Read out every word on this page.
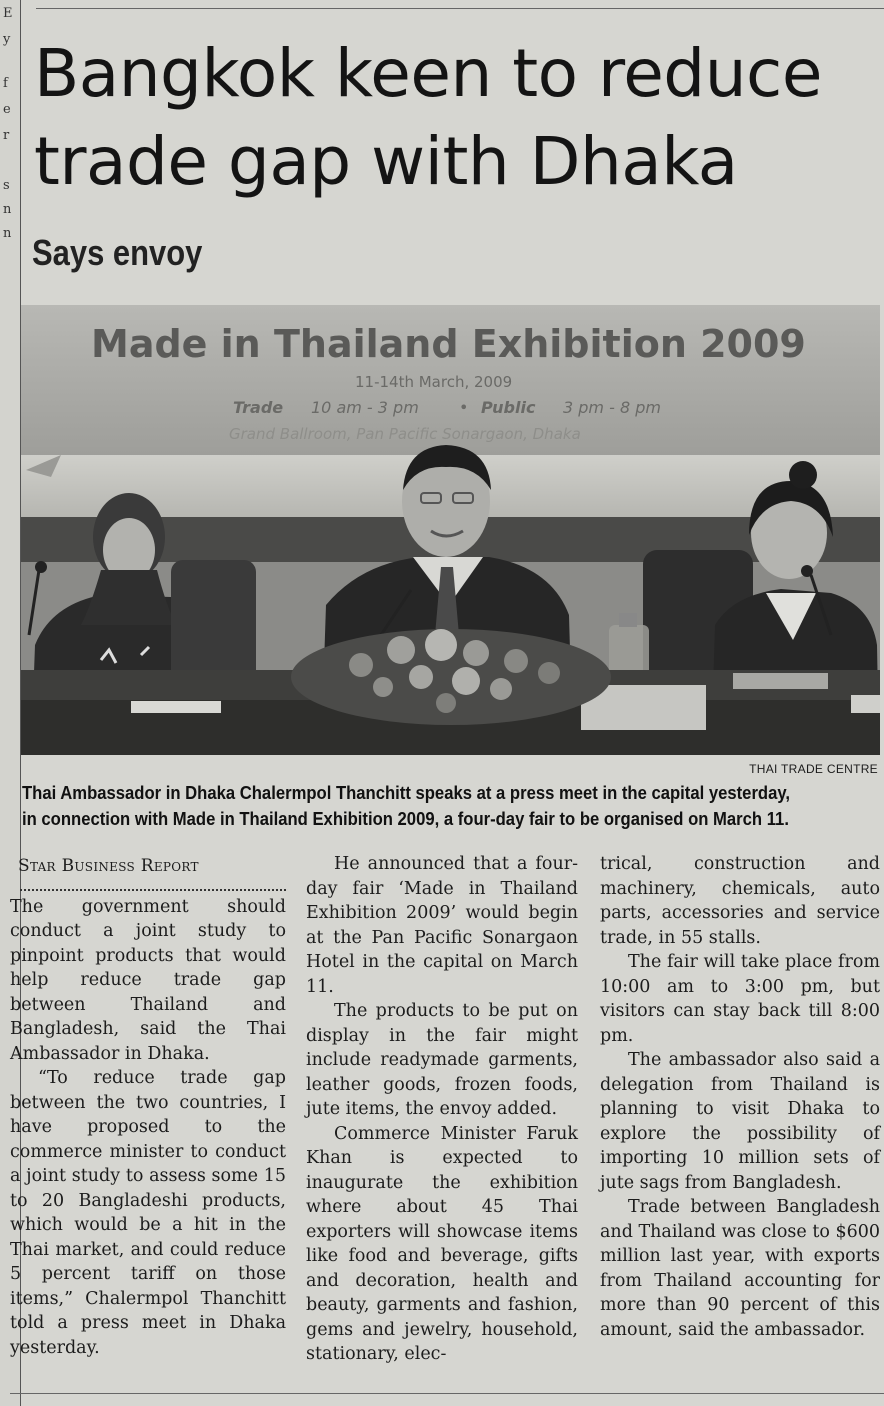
E
y
f
e
r
s
n
n
Bangkok keen to reduce
trade gap with Dhaka
Says envoy
Made in Thailand Exhibition 2009
11-14th March, 2009
Trade 10 am - 3 pm	• Public 3 pm - 8 pm
Grand Ballroom, Pan Pacific Sonargaon, Dhaka
THAI TRADE CENTRE

Thai Ambassador in Dhaka Chalermpol Thanchitt speaks at a press meet in the capital yesterday,
in connection with Made in Thailand Exhibition 2009, a four-day fair to be organised on March 11.

Star Business Report

The government should conduct a joint study to pinpoint products that would help reduce trade gap between Thailand and Bangladesh, said the Thai Ambassador in Dhaka.

“To reduce trade gap between the two countries, I have proposed to the commerce minister to conduct a joint study to assess some 15 to 20 Bangladeshi products, which would be a hit in the Thai market, and could reduce 5 percent tariff on those items,” Chalermpol Thanchitt told a press meet in Dhaka yesterday.

He announced that a four-day fair ‘Made in Thailand Exhibition 2009’ would begin at the Pan Pacific Sonargaon Hotel in the capital on March 11.

The products to be put on display in the fair might include readymade garments, leather goods, frozen foods, jute items, the envoy added.

Commerce Minister Faruk Khan is expected to inaugurate the exhibition where about 45 Thai exporters will showcase items like food and beverage, gifts and decoration, health and beauty, garments and fashion, gems and jewelry, household, stationary, elec-

trical, construction and machinery, chemicals, auto parts, accessories and service trade, in 55 stalls.

The fair will take place from 10:00 am to 3:00 pm, but visitors can stay back till 8:00 pm.

The ambassador also said a delegation from Thailand is planning to visit Dhaka to explore the possibility of importing 10 million sets of jute sags from Bangladesh.

Trade between Bangladesh and Thailand was close to $600 million last year, with exports from Thailand accounting for more than 90 percent of this amount, said the ambassador.
